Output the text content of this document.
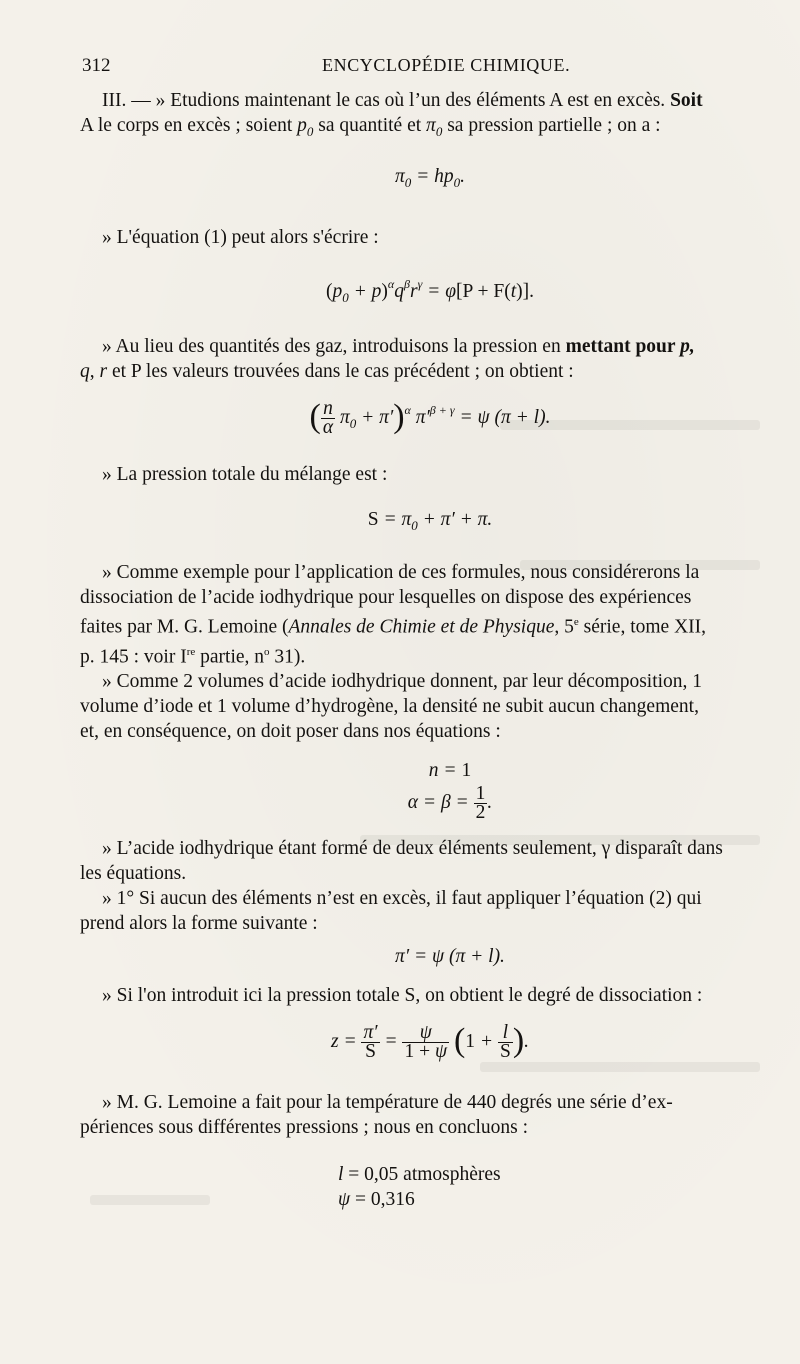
312	ENCYCLOPÉDIE CHIMIQUE.
III. — » Etudions maintenant le cas où l’un des éléments A est en excès. Soit
A le corps en excès ; soient $p_0$ sa quantité et $\pi_0$ sa pression partielle ; on a :
$\pi_0 = hp_0$.
» L'équation (1) peut alors s'écrire :
$(p_0 + p)^\alpha q^\beta r^\gamma = \varphi[P + F(t)]$.
» Au lieu des quantités des gaz, introduisons la pression en mettant pour p,
q, r et P les valeurs trouvées dans le cas précédent ; on obtient :
( $\frac{n}{\alpha} \pi_0 + \pi')^\alpha$ $\pi'^{\beta + \gamma} = \psi$ (π + l).
» La pression totale du mélange est :
$S = \pi_0 + \pi' + \pi$.
» Comme exemple pour l’application de ces formules, nous considérerons la
dissociation de l’acide iodhydrique pour lesquelles on dispose des expériences
faites par M. G. Lemoine (Annales de Chimie et de Physique, 5e série, tome XII,
p. 145 : voir Ire partie, $n^o$ 31).
» Comme 2 volumes d’acide iodhydrique donnent, par leur décomposition, 1
volume d’iode et 1 volume d’hydrogène, la densité ne subit aucun changement,
et, en conséquence, on doit poser dans nos équations :
n = 1
$\alpha = \beta = \frac{1}{2}$ .
» L’acide iodhydrique étant formé de deux éléments seulement, γ disparaît dans
les équations.
» 1° Si aucun des éléments n’est en excès, il faut appliquer l’équation (2) qui
prend alors la forme suivante :
π′ = ψ (π + l).
» Si l'on introduit ici la pression totale S, on obtient le degré de dissociation :
$z = \frac{\pi'}{S} = \frac{\psi}{1 + \psi} (1 + \frac{l}{S}$ ).
» M. G. Lemoine a fait pour la température de 440 degrés une série d’ex-
périences sous différentes pressions ; nous en concluons :
l = 0,05 atmosphères
ψ = 0,316
